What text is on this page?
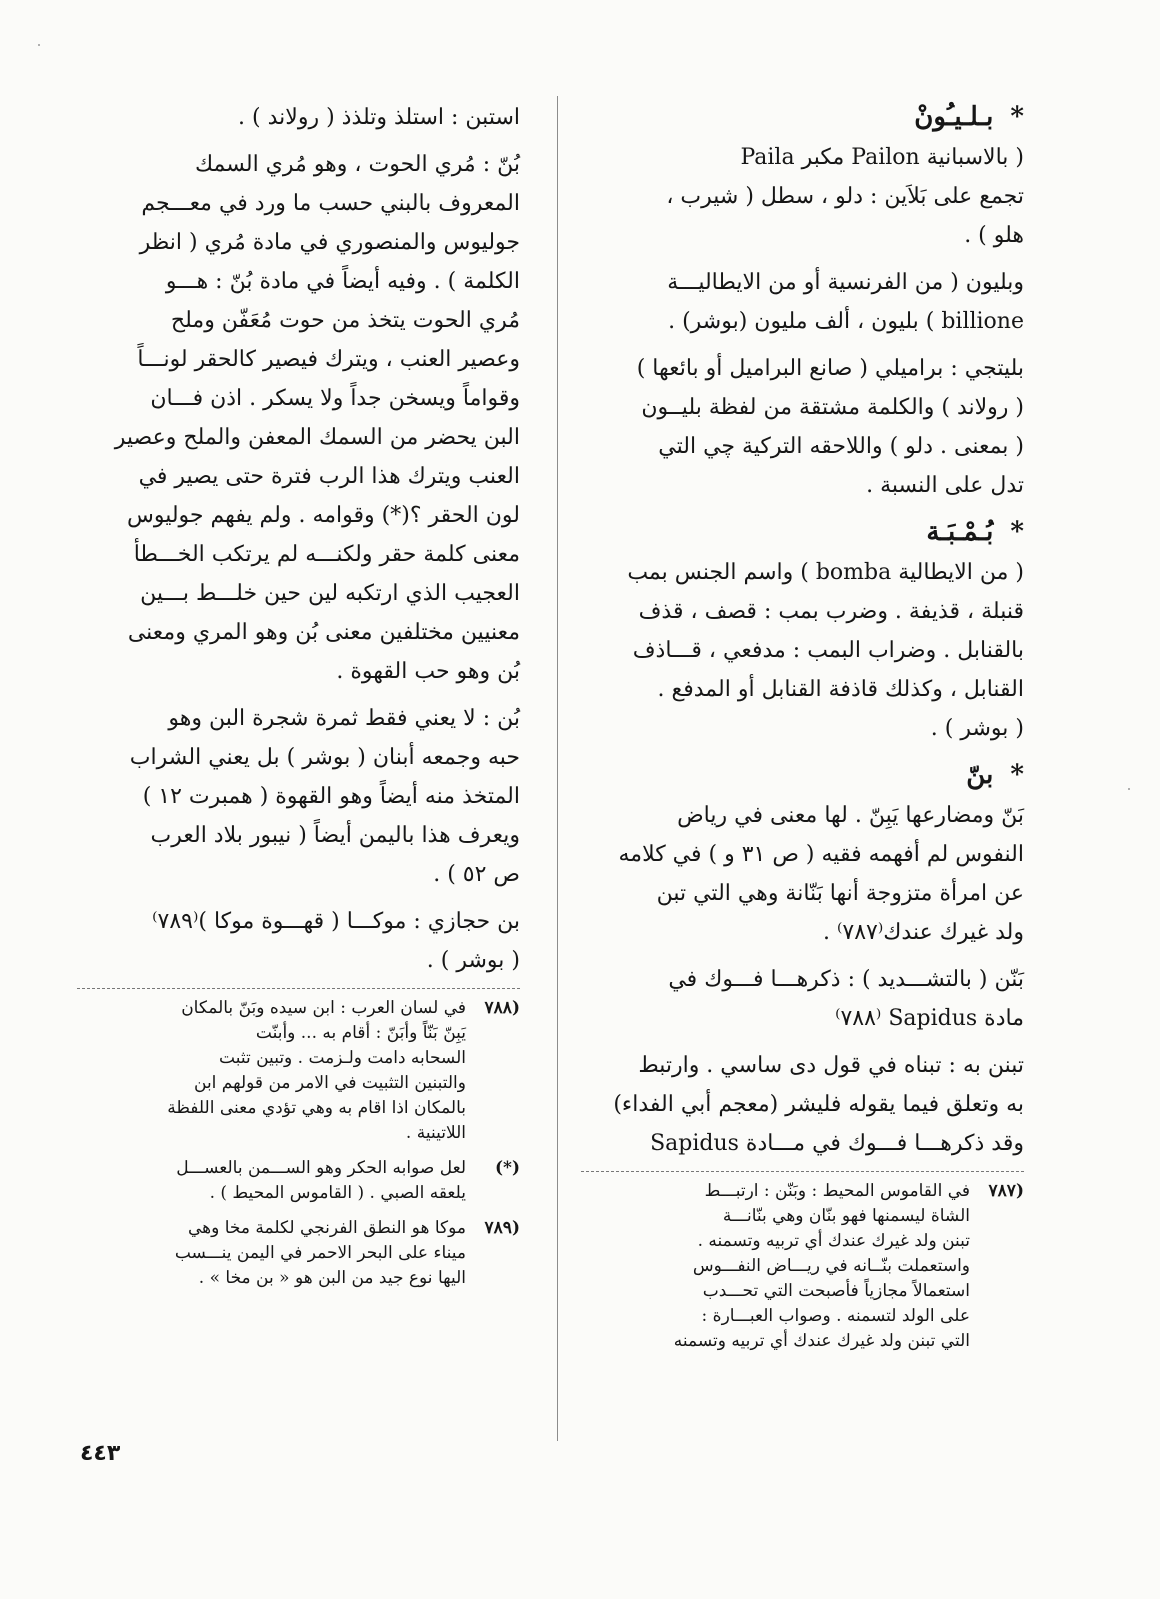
* بـلـيـُونْ
( بالاسبانية Pailon مكبر Paila
تجمع على بَلاَين : دلو ، سطل ( شيرب ،
هلو ) .
وبليون ( من الفرنسية أو من الايطاليـــة
billione ) بليون ، ألف مليون (بوشر) .
بليتجي : براميلي ( صانع البراميل أو بائعها )
( رولاند ) والكلمة مشتقة من لفظة بليــون
( بمعنى . دلو ) واللاحقه التركية چي التي
تدل على النسبة .
* بُـمْـبَـة
( من الايطالية bomba ) واسم الجنس بمب
قنبلة ، قذيفة . وضرب بمب : قصف ، قذف
بالقنابل . وضراب البمب : مدفعي ، قـــاذف
القنابل ، وكذلك قاذفة القنابل أو المدفع .
( بوشر ) .
* بنّ
بَنّ ومضارعها يَبِنّ . لها معنى في رياض
النفوس لم أفهمه فقيه ( ص ٣١ و ) في كلامه
عن امرأة متزوجة أنها بَنّانة وهي التي تبن
ولد غيرك عندك⁽٧٨٧⁾ .
بَنّن ( بالتشـــديد ) : ذكرهـــا فـــوك في
مادة Sapidus ⁽٧٨٨⁾
تبنن به : تبناه في قول دى ساسي . وارتبط
به وتعلق فيما يقوله فليشر (معجم أبي الفداء)
وقد ذكرهـــا فـــوك في مـــادة Sapidus
(٧٨٧
في القاموس المحيط : وبَنّن : ارتبـــط
الشاة ليسمنها فهو بنّان وهي بنّانـــة
تبنن ولد غيرك عندك أي تربيه وتسمنه .
واستعملت بنّــانه في ريـــاض النفـــوس
استعمالاً مجازياً فأصبحت التي تحـــدب
على الولد لتسمنه . وصواب العبـــارة :
التي تبنن ولد غيرك عندك أي تربيه وتسمنه
استبن : استلذ وتلذذ ( رولاند ) .
بُنّ : مُري الحوت ، وهو مُري السمك
المعروف بالبني حسب ما ورد في معـــجم
جوليوس والمنصوري في مادة مُري ( انظر
الكلمة ) . وفيه أيضاً في مادة بُنّ : هـــو
مُري الحوت يتخذ من حوت مُعَفّن وملح
وعصير العنب ، ويترك فيصير كالحقر لونـــاً
وقواماً ويسخن جداً ولا يسكر . اذن فـــان
البن يحضر من السمك المعفن والملح وعصير
العنب ويترك هذا الرب فترة حتى يصير في
لون الحقر ؟(*) وقوامه . ولم يفهم جوليوس
معنى كلمة حقر ولكنـــه لم يرتكب الخـــطأ
العجيب الذي ارتكبه لين حين خلـــط بـــين
معنيين مختلفين معنى بُن وهو المري ومعنى
بُن وهو حب القهوة .
بُن : لا يعني فقط ثمرة شجرة البن وهو
حبه وجمعه أبنان ( بوشر ) بل يعني الشراب
المتخذ منه أيضاً وهو القهوة ( همبرت ١٢ )
ويعرف هذا باليمن أيضاً ( نيبور بلاد العرب
ص ٥٢ ) .
بن حجازي : موكـــا ( قهـــوة موكا )⁽٧٨٩⁾
( بوشر ) .
(٧٨٨
في لسان العرب : ابن سيده وبَنّ بالمكان
يَبِنّ بَنّاً وأبَنّ : أقام به ... وأبنّت
السحابه دامت ولـزمت . وتبين تثبت
والتبنين التثبيت في الامر من قولهم ابن
بالمكان اذا اقام به وهي تؤدي معنى اللفظة
اللاتينية .
(*)
لعل صوابه الحكر وهو الســـمن بالعســـل
يلعقه الصبي . ( القاموس المحيط ) .
(٧٨٩
موكا هو النطق الفرنجي لكلمة مخا وهي
ميناء على البحر الاحمر في اليمن ينـــسب
اليها نوع جيد من البن هو « بن مخا » .
٤٤٣
